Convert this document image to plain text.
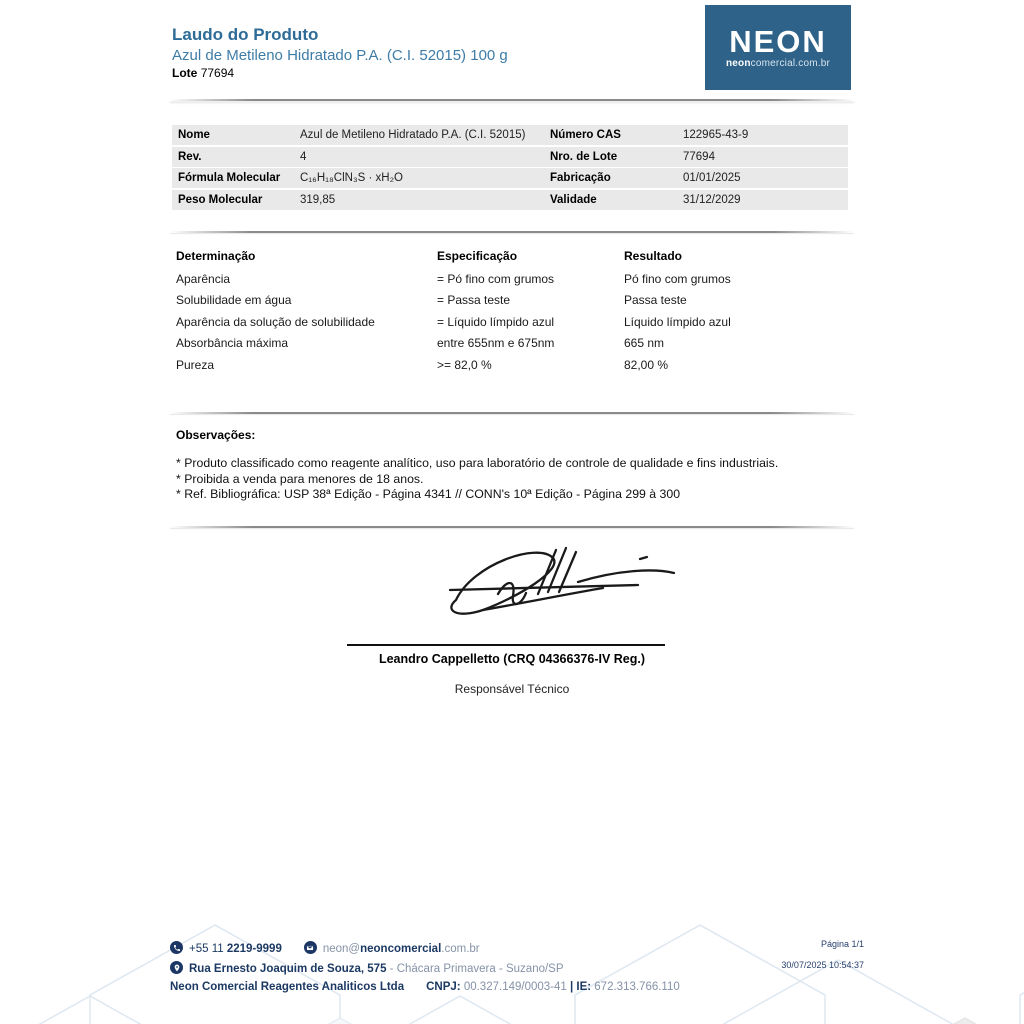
Laudo do Produto
Azul de Metileno Hidratado P.A. (C.I. 52015) 100 g
Lote 77694
NEON
neoncomercial.com.br
Nome	Azul de Metileno Hidratado P.A. (C.I. 52015)	Número CAS	122965-43-9
Rev.	4	Nro. de Lote	77694
Fórmula Molecular	C₁₆H₁₈ClN₃S · xH₂O	Fabricação	01/01/2025
Peso Molecular	319,85	Validade	31/12/2029
Determinação	Especificação	Resultado
Aparência	= Pó fino com grumos	Pó fino com grumos
Solubilidade em água	= Passa teste	Passa teste
Aparência da solução de solubilidade	= Líquido límpido azul	Líquido límpido azul
Absorbância máxima	entre 655nm e 675nm	665 nm
Pureza	>= 82,0 %	82,00 %
Observações:
* Produto classificado como reagente analítico, uso para laboratório de controle de qualidade e fins industriais.
* Proibida a venda para menores de 18 anos.
* Ref. Bibliográfica: USP 38ª Edição - Página 4341 // CONN's 10ª Edição - Página 299 à 300
Leandro Cappelletto (CRQ 04366376-IV Reg.)
Responsável Técnico
+55 11 2219-9999	neon@neoncomercial.com.br
Rua Ernesto Joaquim de Souza, 575 - Chácara Primavera - Suzano/SP
Neon Comercial Reagentes Analiticos Ltda CNPJ: 00.327.149/0003-41 | IE: 672.313.766.110
Página 1/1
30/07/2025 10:54:37
